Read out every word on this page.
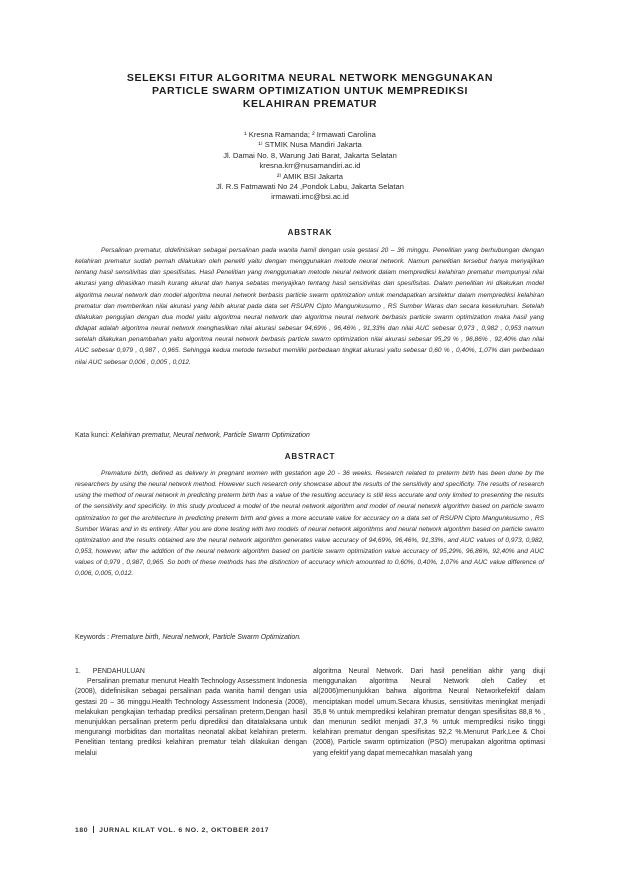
SELEKSI FITUR ALGORITMA NEURAL NETWORK MENGGUNAKAN
PARTICLE SWARM OPTIMIZATION UNTUK MEMPREDIKSI
KELAHIRAN PREMATUR
¹ Kresna Ramanda; ² Irmawati Carolina
¹⁾ STMIK Nusa Mandiri Jakarta
Jl. Damai No. 8, Warung Jati Barat, Jakarta Selatan
kresna.krr@nusamandiri.ac.id
²⁾ AMIK BSI Jakarta
Jl. R.S Fatmawati No 24 ,Pondok Labu, Jakarta Selatan
irmawati.imc@bsi.ac.id
ABSTRAK

Persalinan prematur, didefinisikan sebagai persalinan pada wanita hamil dengan usia gestasi 20 – 36 minggu. Penelitian yang berhubungan dengan kelahiran prematur sudah pernah dilakukan oleh peneliti yaitu dengan menggunakan metode neural network. Namun penelitian tersebut hanya menyajikan tentang hasil sensitivitas dan spesifisitas. Hasil Penelitian yang menggunakan metode neural network dalam memprediksi kelahiran prematur mempunyai nilai akurasi yang dihasilkan masih kurang akurat dan hanya sebatas menyajikan tentang hasil sensitivitas dan spesifisitas. Dalam penelitian ini dilakukan model algoritma neural network dan model algoritma neural network berbasis particle swarm optimization untuk mendapatkan arsitektur dalam memprediksi kelahiran prematur dan memberikan nilai akurasi yang lebih akurat pada data set RSUPN Cipto Mangunkusumo , RS Sumber Waras dan secara keseluruhan. Setelah dilakukan pengujian dengan dua model yaitu algoritma neural network dan algoritma neural network berbasis particle swarm optimization maka hasil yang didapat adalah algoritma neural network menghasilkan nilai akurasi sebesar 94,69% , 96,46% , 91,33% dan nilai AUC sebesar 0,973 , 0,982 , 0,953 namun setelah dilakukan penambahan yaitu algoritma neural network berbasis particle swarm optimization nilai akurasi sebesar 95,29 % , 96,86% , 92,40% dan nilai AUC sebesar 0,979 , 0,987 , 0,965. Sehingga kedua metode tersebut memiliki perbedaan tingkat akurasi yaitu sebesar 0,60 % , 0,40%, 1,07% dan perbedaan nilai AUC sebesar 0,006 , 0,005 , 0,012.

Kata kunci: Kelahiran prematur, Neural network, Particle Swarm Optimization
ABSTRACT

Premature birth, defined as delivery in pregnant women with gestation age 20 - 36 weeks. Research related to preterm birth has been done by the researchers by using the neural network method. However such research only showcase about the results of the sensitivity and specificity. The results of research using the method of neural network in predicting preterm birth has a value of the resulting accuracy is still less accurate and only limited to presenting the results of the sensitivity and specificity. In this study produced a model of the neural network algorithm and model of neural network algorithm based on particle swarm optimization to get the architecture in predicting preterm birth and gives a more accurate value for accuracy on a data set of RSUPN Cipto Mangunkusumo , RS Sumber Waras and in its entirety. After you are done testing with two models of neural network algorithms and neural network algorithm based on particle swarm optimization and the results obtained are the neural network algorithm generates value accuracy of 94,69%, 96,46%, 91,33%, and AUC values of 0,973, 0,982, 0,953, however, after the addition of the neural network algorithm based on particle swarm optimization value accuracy of 95,29%, 96,86%, 92,40% and AUC values of 0,979 , 0,987, 0,965. So both of these methods has the distinction of accuracy which amounted to 0,60%, 0,40%, 1,07% and AUC value difference of 0,006, 0,005, 0,012.

Keywords : Premature birth, Neural network, Particle Swarm Optimization.
1. PENDAHULUAN

Persalinan prematur menurut Health Technology Assessment Indonesia (2008), didefinisikan sebagai persalinan pada wanita hamil dengan usia gestasi 20 – 36 minggu.Health Technology Assessment Indonesia (2008), melakukan pengkajian terhadap prediksi persalinan preterm,Dengan hasil menunjukkan persalinan preterm perlu diprediksi dan ditatalaksana untuk mengurangi morbiditas dan mortalitas neonatal akibat kelahiran preterm. Penelitian tentang prediksi kelahiran prematur telah dilakukan dengan melalui

algoritma Neural Network. Dari hasil penelitian akhir yang diuji menggunakan algoritma Neural Network oleh Catley et al(2006)menunjukkan bahwa algoritma Neural Networkefektif dalam menciptakan model umum.Secara khusus, sensitivitas meningkat menjadi 35,8 % untuk memprediksi kelahiran prematur dengan spesifisitas 88,8 % , dan menurun sedikit menjadi 37,3 % untuk memprediksi risiko tinggi kelahiran prematur dengan spesifisitas 92,2 %.Menurut Park,Lee & Choi (2008), Particle swarm optimization (PSO) merupakan algoritma optimasi yang efektif yang dapat memecahkan masalah yang

180 JURNAL KILAT VOL. 6 NO. 2, OKTOBER 2017
